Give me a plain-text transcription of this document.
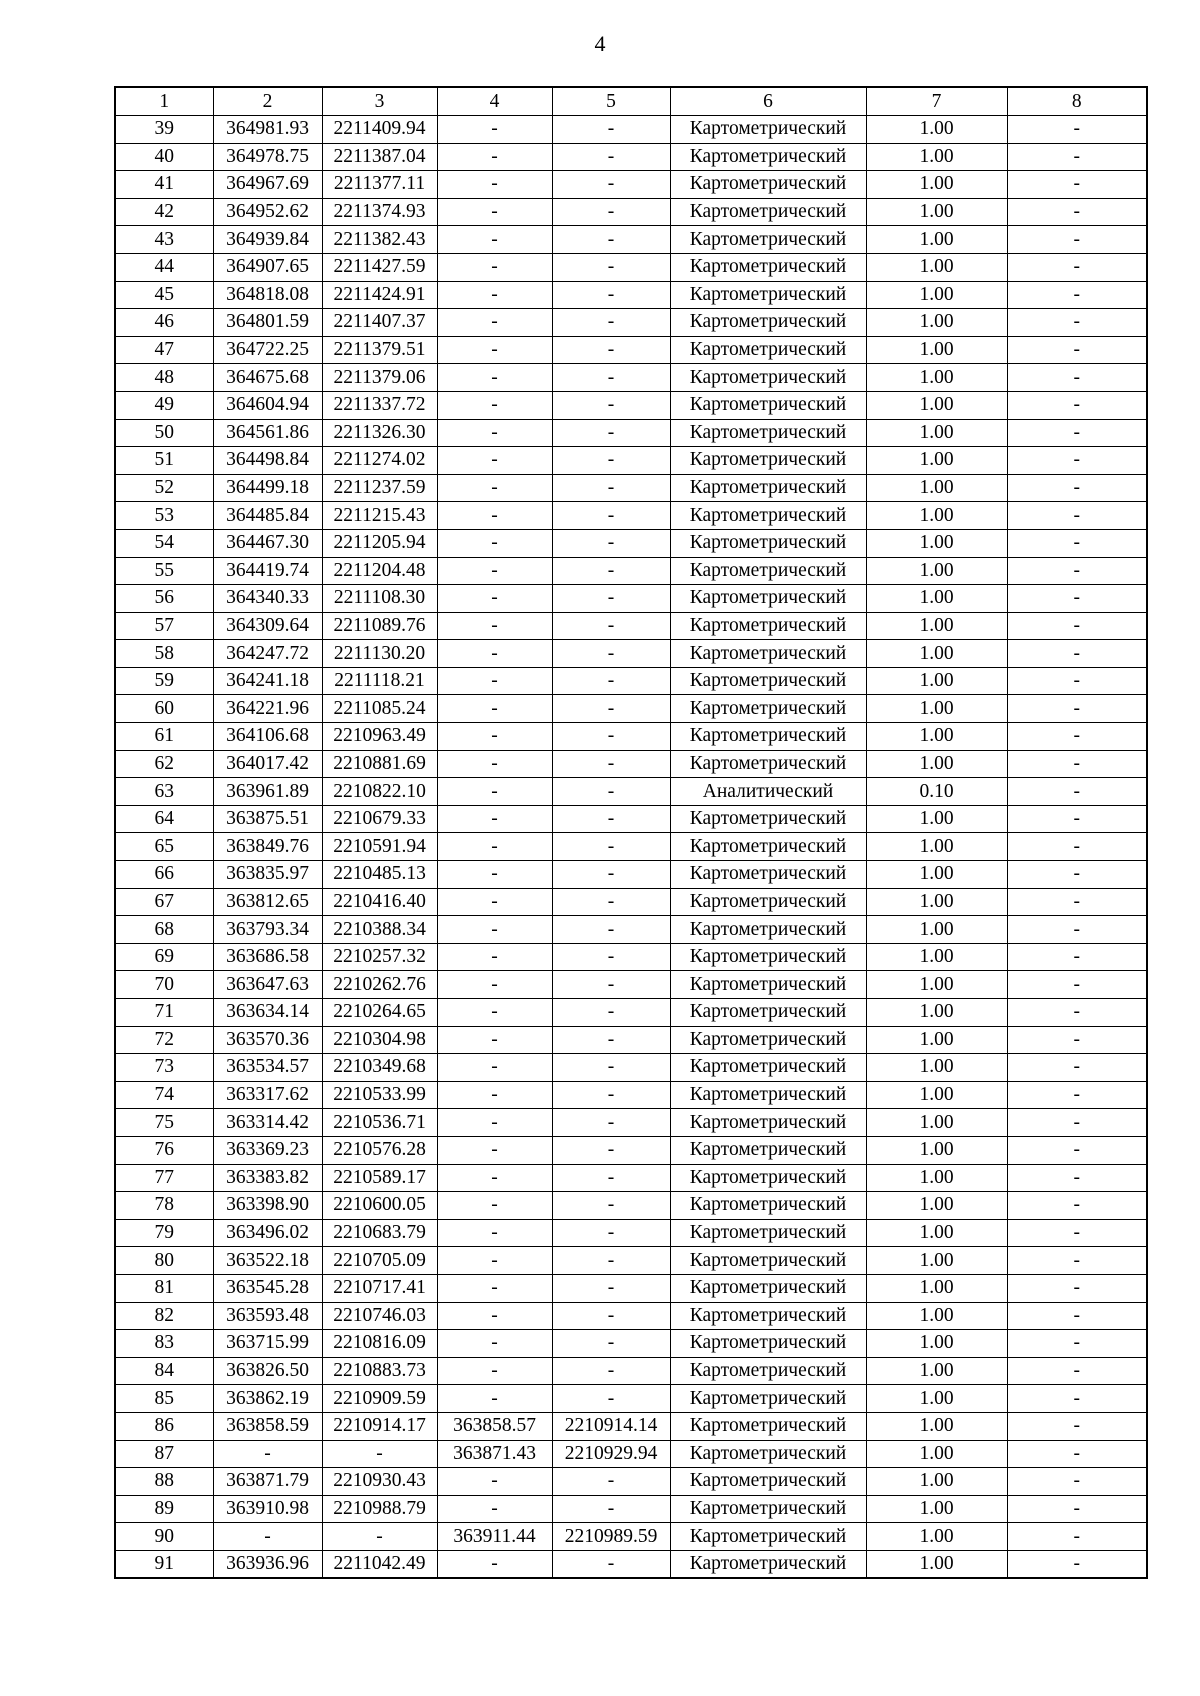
4
1	2	3	4	5	6	7	8
39	364981.93	2211409.94	-	-	Картометрический	1.00	-
40	364978.75	2211387.04	-	-	Картометрический	1.00	-
41	364967.69	2211377.11	-	-	Картометрический	1.00	-
42	364952.62	2211374.93	-	-	Картометрический	1.00	-
43	364939.84	2211382.43	-	-	Картометрический	1.00	-
44	364907.65	2211427.59	-	-	Картометрический	1.00	-
45	364818.08	2211424.91	-	-	Картометрический	1.00	-
46	364801.59	2211407.37	-	-	Картометрический	1.00	-
47	364722.25	2211379.51	-	-	Картометрический	1.00	-
48	364675.68	2211379.06	-	-	Картометрический	1.00	-
49	364604.94	2211337.72	-	-	Картометрический	1.00	-
50	364561.86	2211326.30	-	-	Картометрический	1.00	-
51	364498.84	2211274.02	-	-	Картометрический	1.00	-
52	364499.18	2211237.59	-	-	Картометрический	1.00	-
53	364485.84	2211215.43	-	-	Картометрический	1.00	-
54	364467.30	2211205.94	-	-	Картометрический	1.00	-
55	364419.74	2211204.48	-	-	Картометрический	1.00	-
56	364340.33	2211108.30	-	-	Картометрический	1.00	-
57	364309.64	2211089.76	-	-	Картометрический	1.00	-
58	364247.72	2211130.20	-	-	Картометрический	1.00	-
59	364241.18	2211118.21	-	-	Картометрический	1.00	-
60	364221.96	2211085.24	-	-	Картометрический	1.00	-
61	364106.68	2210963.49	-	-	Картометрический	1.00	-
62	364017.42	2210881.69	-	-	Картометрический	1.00	-
63	363961.89	2210822.10	-	-	Аналитический	0.10	-
64	363875.51	2210679.33	-	-	Картометрический	1.00	-
65	363849.76	2210591.94	-	-	Картометрический	1.00	-
66	363835.97	2210485.13	-	-	Картометрический	1.00	-
67	363812.65	2210416.40	-	-	Картометрический	1.00	-
68	363793.34	2210388.34	-	-	Картометрический	1.00	-
69	363686.58	2210257.32	-	-	Картометрический	1.00	-
70	363647.63	2210262.76	-	-	Картометрический	1.00	-
71	363634.14	2210264.65	-	-	Картометрический	1.00	-
72	363570.36	2210304.98	-	-	Картометрический	1.00	-
73	363534.57	2210349.68	-	-	Картометрический	1.00	-
74	363317.62	2210533.99	-	-	Картометрический	1.00	-
75	363314.42	2210536.71	-	-	Картометрический	1.00	-
76	363369.23	2210576.28	-	-	Картометрический	1.00	-
77	363383.82	2210589.17	-	-	Картометрический	1.00	-
78	363398.90	2210600.05	-	-	Картометрический	1.00	-
79	363496.02	2210683.79	-	-	Картометрический	1.00	-
80	363522.18	2210705.09	-	-	Картометрический	1.00	-
81	363545.28	2210717.41	-	-	Картометрический	1.00	-
82	363593.48	2210746.03	-	-	Картометрический	1.00	-
83	363715.99	2210816.09	-	-	Картометрический	1.00	-
84	363826.50	2210883.73	-	-	Картометрический	1.00	-
85	363862.19	2210909.59	-	-	Картометрический	1.00	-
86	363858.59	2210914.17	363858.57	2210914.14	Картометрический	1.00	-
87	-	-	363871.43	2210929.94	Картометрический	1.00	-
88	363871.79	2210930.43	-	-	Картометрический	1.00	-
89	363910.98	2210988.79	-	-	Картометрический	1.00	-
90	-	-	363911.44	2210989.59	Картометрический	1.00	-
91	363936.96	2211042.49	-	-	Картометрический	1.00	-
